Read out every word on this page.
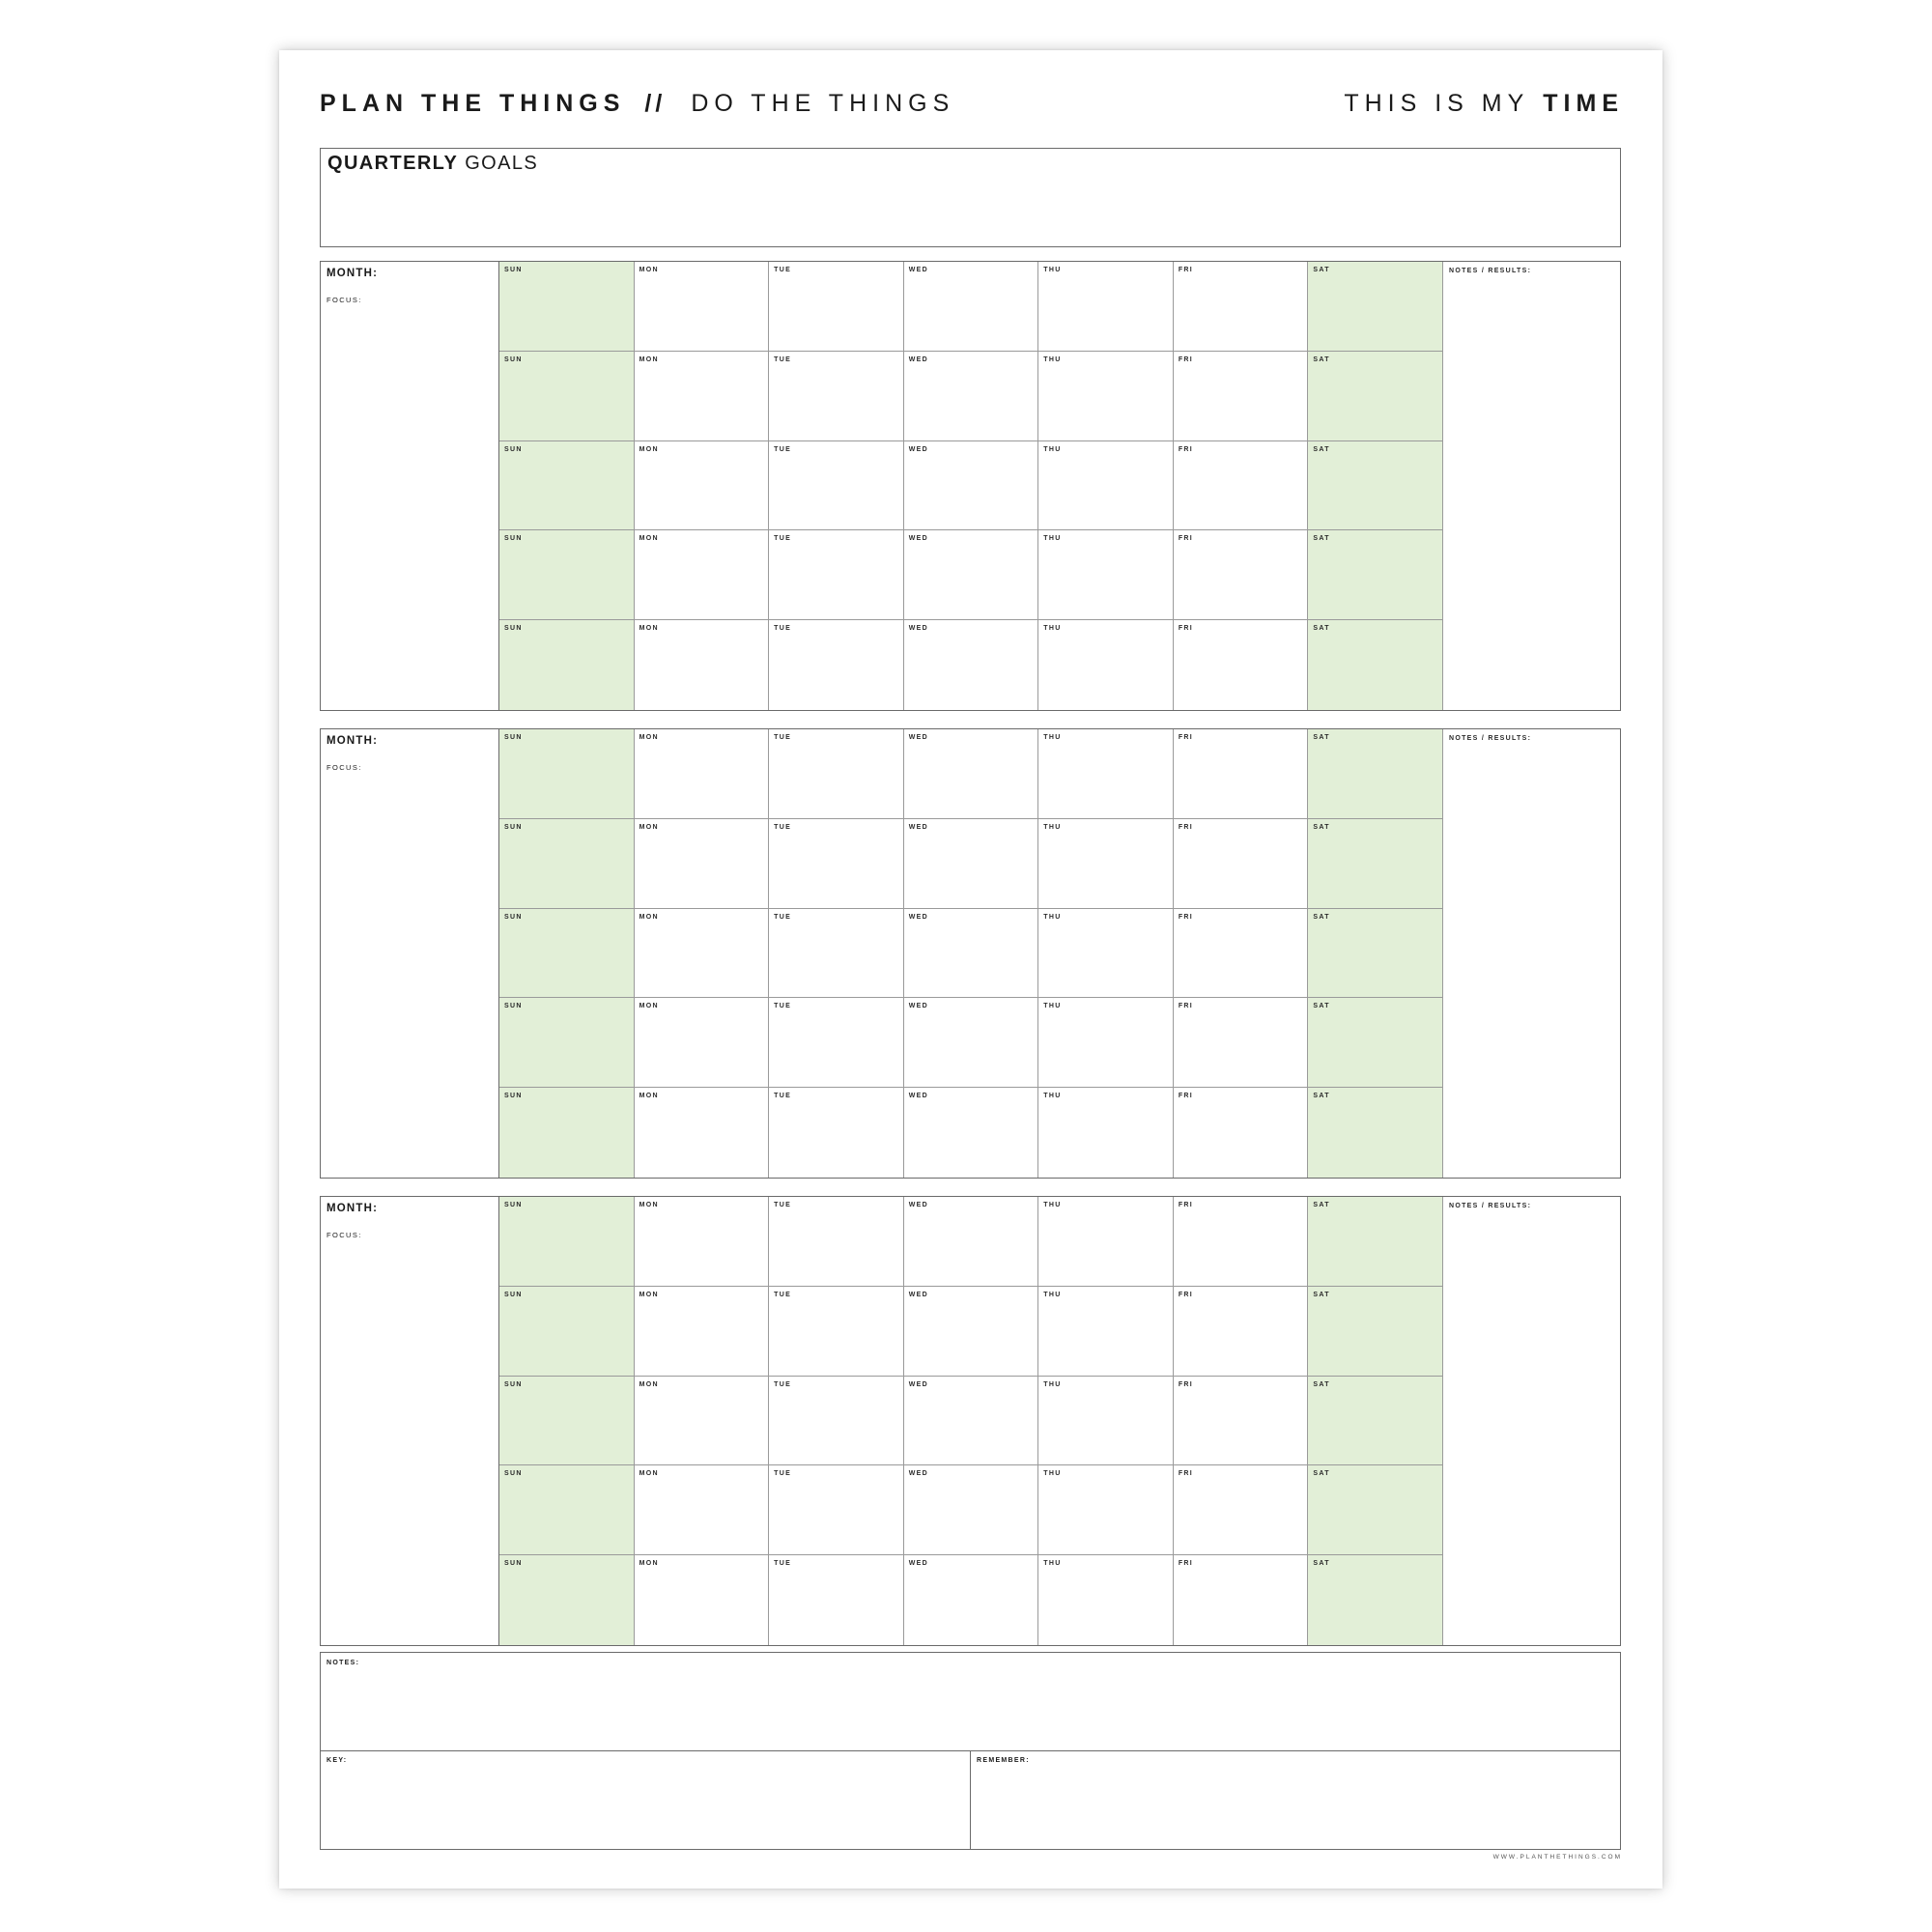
PLAN THE THINGS // DO THE THINGS	THIS IS MY TIME
QUARTERLY GOALS
MONTH:
FOCUS:
SUN	MON	TUE	WED	THU	FRI	SAT
SUN	MON	TUE	WED	THU	FRI	SAT
SUN	MON	TUE	WED	THU	FRI	SAT
SUN	MON	TUE	WED	THU	FRI	SAT
SUN	MON	TUE	WED	THU	FRI	SAT
NOTES / RESULTS:
MONTH:
FOCUS:
SUN	MON	TUE	WED	THU	FRI	SAT
SUN	MON	TUE	WED	THU	FRI	SAT
SUN	MON	TUE	WED	THU	FRI	SAT
SUN	MON	TUE	WED	THU	FRI	SAT
SUN	MON	TUE	WED	THU	FRI	SAT
NOTES / RESULTS:
MONTH:
FOCUS:
SUN	MON	TUE	WED	THU	FRI	SAT
SUN	MON	TUE	WED	THU	FRI	SAT
SUN	MON	TUE	WED	THU	FRI	SAT
SUN	MON	TUE	WED	THU	FRI	SAT
SUN	MON	TUE	WED	THU	FRI	SAT
NOTES / RESULTS:
NOTES:
KEY:	REMEMBER:
WWW.PLANTHETHINGS.COM
